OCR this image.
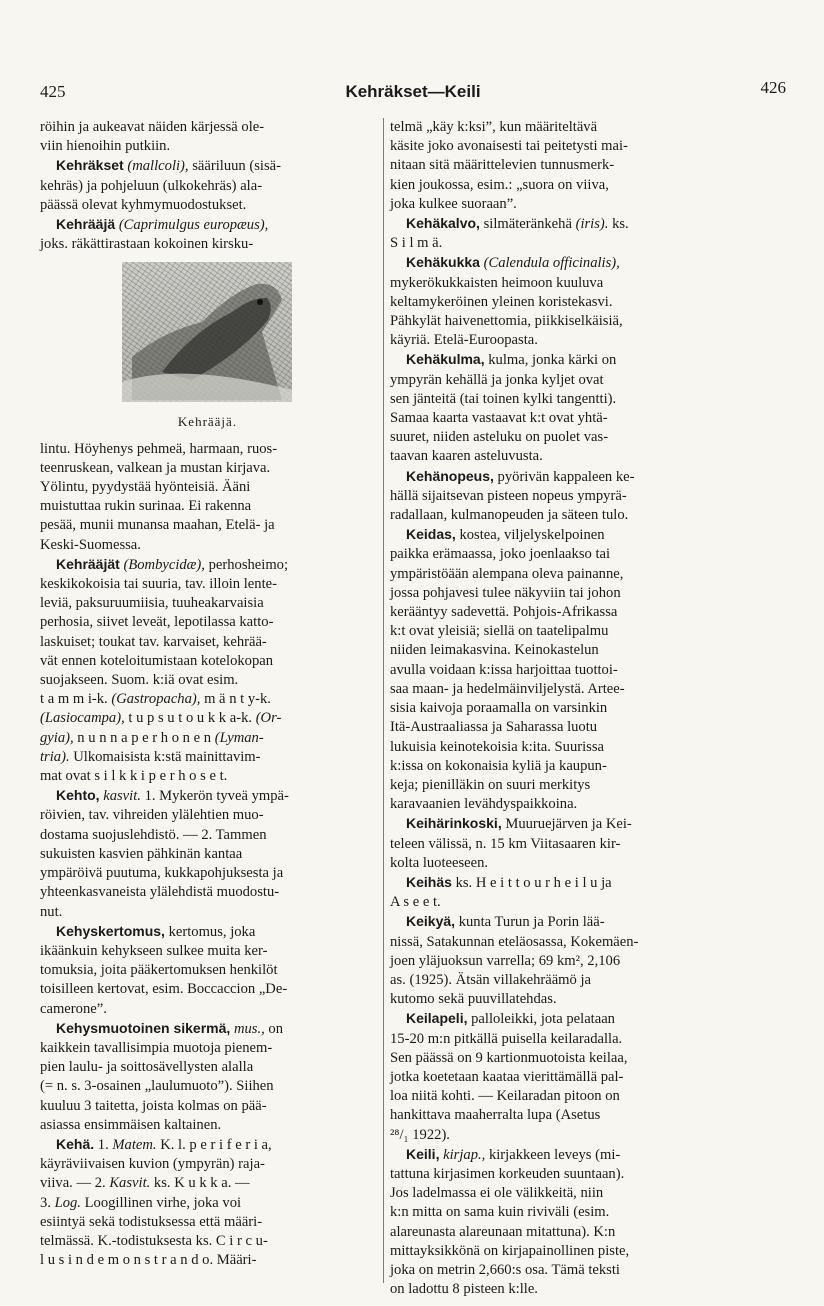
425	Kehräkset—Keili	426

röihin ja aukeavat näiden kärjessä ole-

viin hienoihin putkiin.

Kehräkset (mallcoli), sääriluun (sisä-

kehräs) ja pohjeluun (ulkokehräs) ala-

päässä olevat kyhmymuodostukset.

Kehrääjä (Caprimulgus europæus),

joks. räkättirastaan kokoinen kirsku-

Kehrääjä.

lintu. Höyhenys pehmeä, harmaan, ruos-

teenruskean, valkean ja mustan kirjava.

Yölintu, pyydystää hyönteisiä. Ääni

muistuttaa rukin surinaa. Ei rakenna

pesää, munii munansa maahan, Etelä- ja

Keski-Suomessa.

Kehrääjät (Bombycidæ), perhosheimo;

keskikokoisia tai suuria, tav. illoin lente-

leviä, paksuruumiisia, tuuheakarvaisia

perhosia, siivet leveät, lepotilassa katto-

laskuiset; toukat tav. karvaiset, kehrää-

vät ennen koteloitumistaan kotelokopan

suojakseen. Suom. k:iä ovat esim.

t a m m i-k. (Gastropacha), m ä n t y-k.

(Lasiocampa), t u p s u t o u k k a-k. (Or-

gyia), n u n n a p e r h o n e n (Lyman-

tria). Ulkomaisista k:stä mainittavim-

mat ovat s i l k k i p e r h o s e t.

Kehto, kasvit. 1. Mykerön tyveä ympä-

röivien, tav. vihreiden ylälehtien muo-

dostama suojuslehdistö. — 2. Tammen

sukuisten kasvien pähkinän kantaa

ympäröivä puutuma, kukkapohjuksesta ja

yhteenkasvaneista ylälehdistä muodostu-

nut.

Kehyskertomus, kertomus, joka

ikäänkuin kehykseen sulkee muita ker-

tomuksia, joita pääkertomuksen henkilöt

toisilleen kertovat, esim. Boccaccion „De-

camerone”.

Kehysmuotoinen sikermä, mus., on

kaikkein tavallisimpia muotoja pienem-

pien laulu- ja soittosävellysten alalla

(= n. s. 3-osainen „laulumuoto”). Siihen

kuuluu 3 taitetta, joista kolmas on pää-

asiassa ensimmäisen kaltainen.

Kehä. 1. Matem. K. l. p e r i f e r i a,

käyräviivaisen kuvion (ympyrän) raja-

viiva. — 2. Kasvit. ks. K u k k a. —

3. Log. Loogillinen virhe, joka voi

esiintyä sekä todistuksessa että määri-

telmässä. K.-todistuksesta ks. C i r c u-

l u s i n d e m o n s t r a n d o. Määri-

telmä „käy k:ksi”, kun määriteltävä

käsite joko avonaisesti tai peitetysti mai-

nitaan sitä määrittelevien tunnusmerk-

kien joukossa, esim.: „suora on viiva,

joka kulkee suoraan”.

Kehäkalvo, silmäteränkehä (iris). ks.

S i l m ä.

Kehäkukka (Calendula officinalis),

mykerökukkaisten heimoon kuuluva

keltamykeröinen yleinen koristekasvi.

Pähkylät haivenettomia, piikkiselkäisiä,

käyriä. Etelä-Euroopasta.

Kehäkulma, kulma, jonka kärki on

ympyrän kehällä ja jonka kyljet ovat

sen jänteitä (tai toinen kylki tangentti).

Samaa kaarta vastaavat k:t ovat yhtä-

suuret, niiden asteluku on puolet vas-

taavan kaaren asteluvusta.

Kehänopeus, pyörivän kappaleen ke-

hällä sijaitsevan pisteen nopeus ympyrä-

radallaan, kulmanopeuden ja säteen tulo.

Keidas, kostea, viljelyskelpoinen

paikka erämaassa, joko joenlaakso tai

ympäristöään alempana oleva painanne,

jossa pohjavesi tulee näkyviin tai johon

kerääntyy sadevettä. Pohjois-Afrikassa

k:t ovat yleisiä; siellä on taatelipalmu

niiden leimakasvina. Keinokastelun

avulla voidaan k:issa harjoittaa tuottoi-

saa maan- ja hedelmäinviljelystä. Artee-

sisia kaivoja poraamalla on varsinkin

Itä-Austraaliassa ja Saharassa luotu

lukuisia keinotekoisia k:ita. Suurissa

k:issa on kokonaisia kyliä ja kaupun-

keja; pienilläkin on suuri merkitys

karavaanien levähdyspaikkoina.

Keihärinkoski, Muuruejärven ja Kei-

teleen välissä, n. 15 km Viitasaaren kir-

kolta luoteeseen.

Keihäs ks. H e i t t o u r h e i l u ja

A s e e t.

Keikyä, kunta Turun ja Porin lää-

nissä, Satakunnan eteläosassa, Kokemäen-

joen yläjuoksun varrella; 69 km², 2,106

as. (1925). Ätsän villakehräämö ja

kutomo sekä puuvillatehdas.

Keilapeli, palloleikki, jota pelataan

15-20 m:n pitkällä puisella keilaradalla.

Sen päässä on 9 kartionmuotoista keilaa,

jotka koetetaan kaataa vierittämällä pal-

loa niitä kohti. — Keilaradan pitoon on

hankittava maaherralta lupa (Asetus

²⁸/₁ 1922).

Keili, kirjap., kirjakkeen leveys (mi-

tattuna kirjasimen korkeuden suuntaan).

Jos ladelmassa ei ole välikkeitä, niin

k:n mitta on sama kuin riviväli (esim.

alareunasta alareunaan mitattuna). K:n

mittayksikkönä on kirjapainollinen piste,

joka on metrin 2,660:s osa. Tämä teksti

on ladottu 8 pisteen k:lle.
